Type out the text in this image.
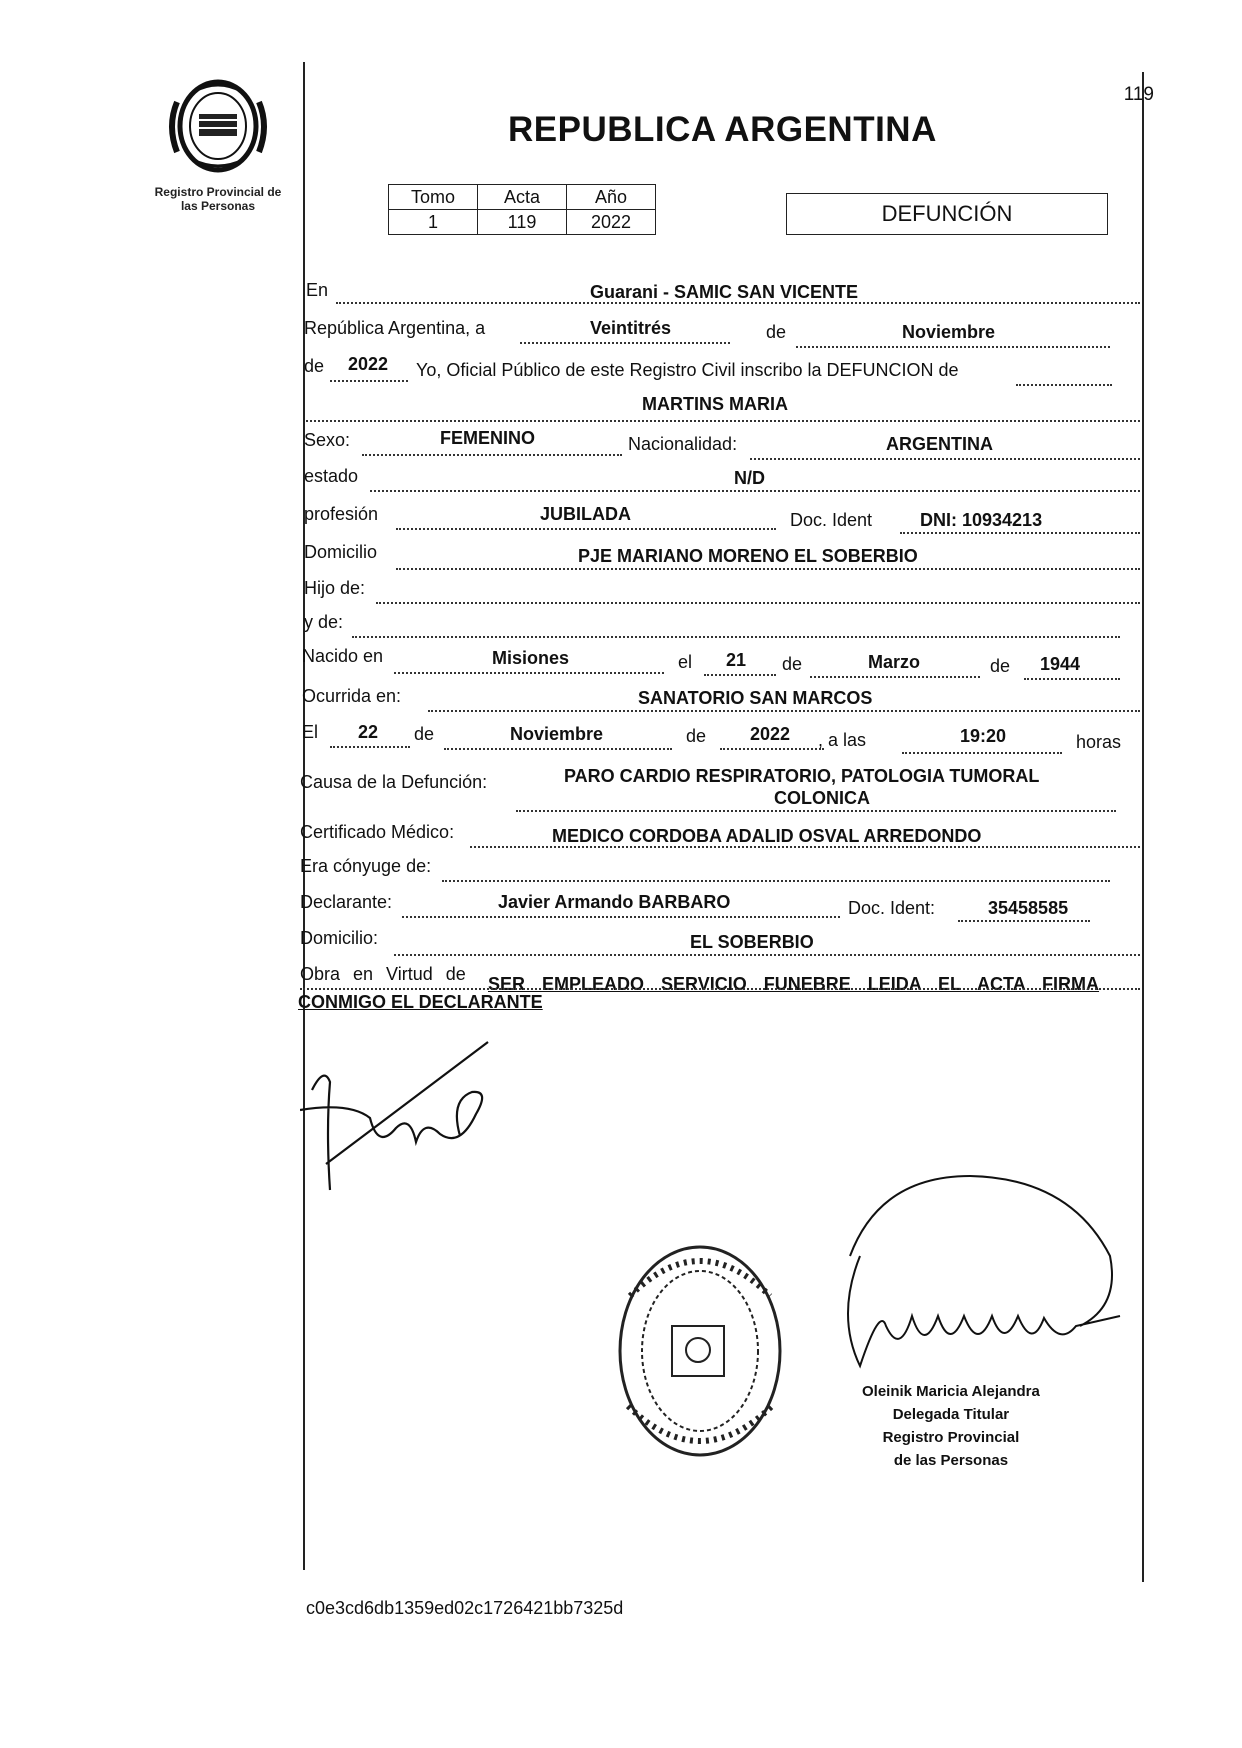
Registro Provincial de
las Personas
119
REPUBLICA ARGENTINA
Tomo	Acta	Año
1	119	2022	DEFUNCIÓN
En	Guarani - SAMIC SAN VICENTE
República Argentina, a	Veintitrés	de	Noviembre
de 2022 Yo, Oficial Público de este Registro Civil inscribo la DEFUNCION de
MARTINS MARIA
Sexo:	FEMENINO	Nacionalidad:	ARGENTINA
estado	N/D
profesión	JUBILADA	Doc. Ident	DNI: 10934213
Domicilio	PJE MARIANO MORENO EL SOBERBIO
Hijo de:
y de:
Nacido en	Misiones	el 21 de	Marzo	de 1944
Ocurrida en:	SANATORIO SAN MARCOS
El 22 de	Noviembre	de 2022 , a las	19:20	horas
Causa de la Defunción:	PARO CARDIO RESPIRATORIO, PATOLOGIA TUMORAL
COLONICA
Certificado Médico:	MEDICO CORDOBA ADALID OSVAL ARREDONDO
Era cónyuge de:
Declarante:	Javier Armando BARBARO	Doc. Ident:	35458585
Domicilio:	EL SOBERBIO
Obra en Virtud de SER EMPLEADO SERVICIO FUNEBRE LEIDA EL ACTA FIRMA
CONMIGO EL DECLARANTE
Oleinik Maricia Alejandra
Delegada Titular
Registro Provincial
de las Personas
c0e3cd6db1359ed02c1726421bb7325d
